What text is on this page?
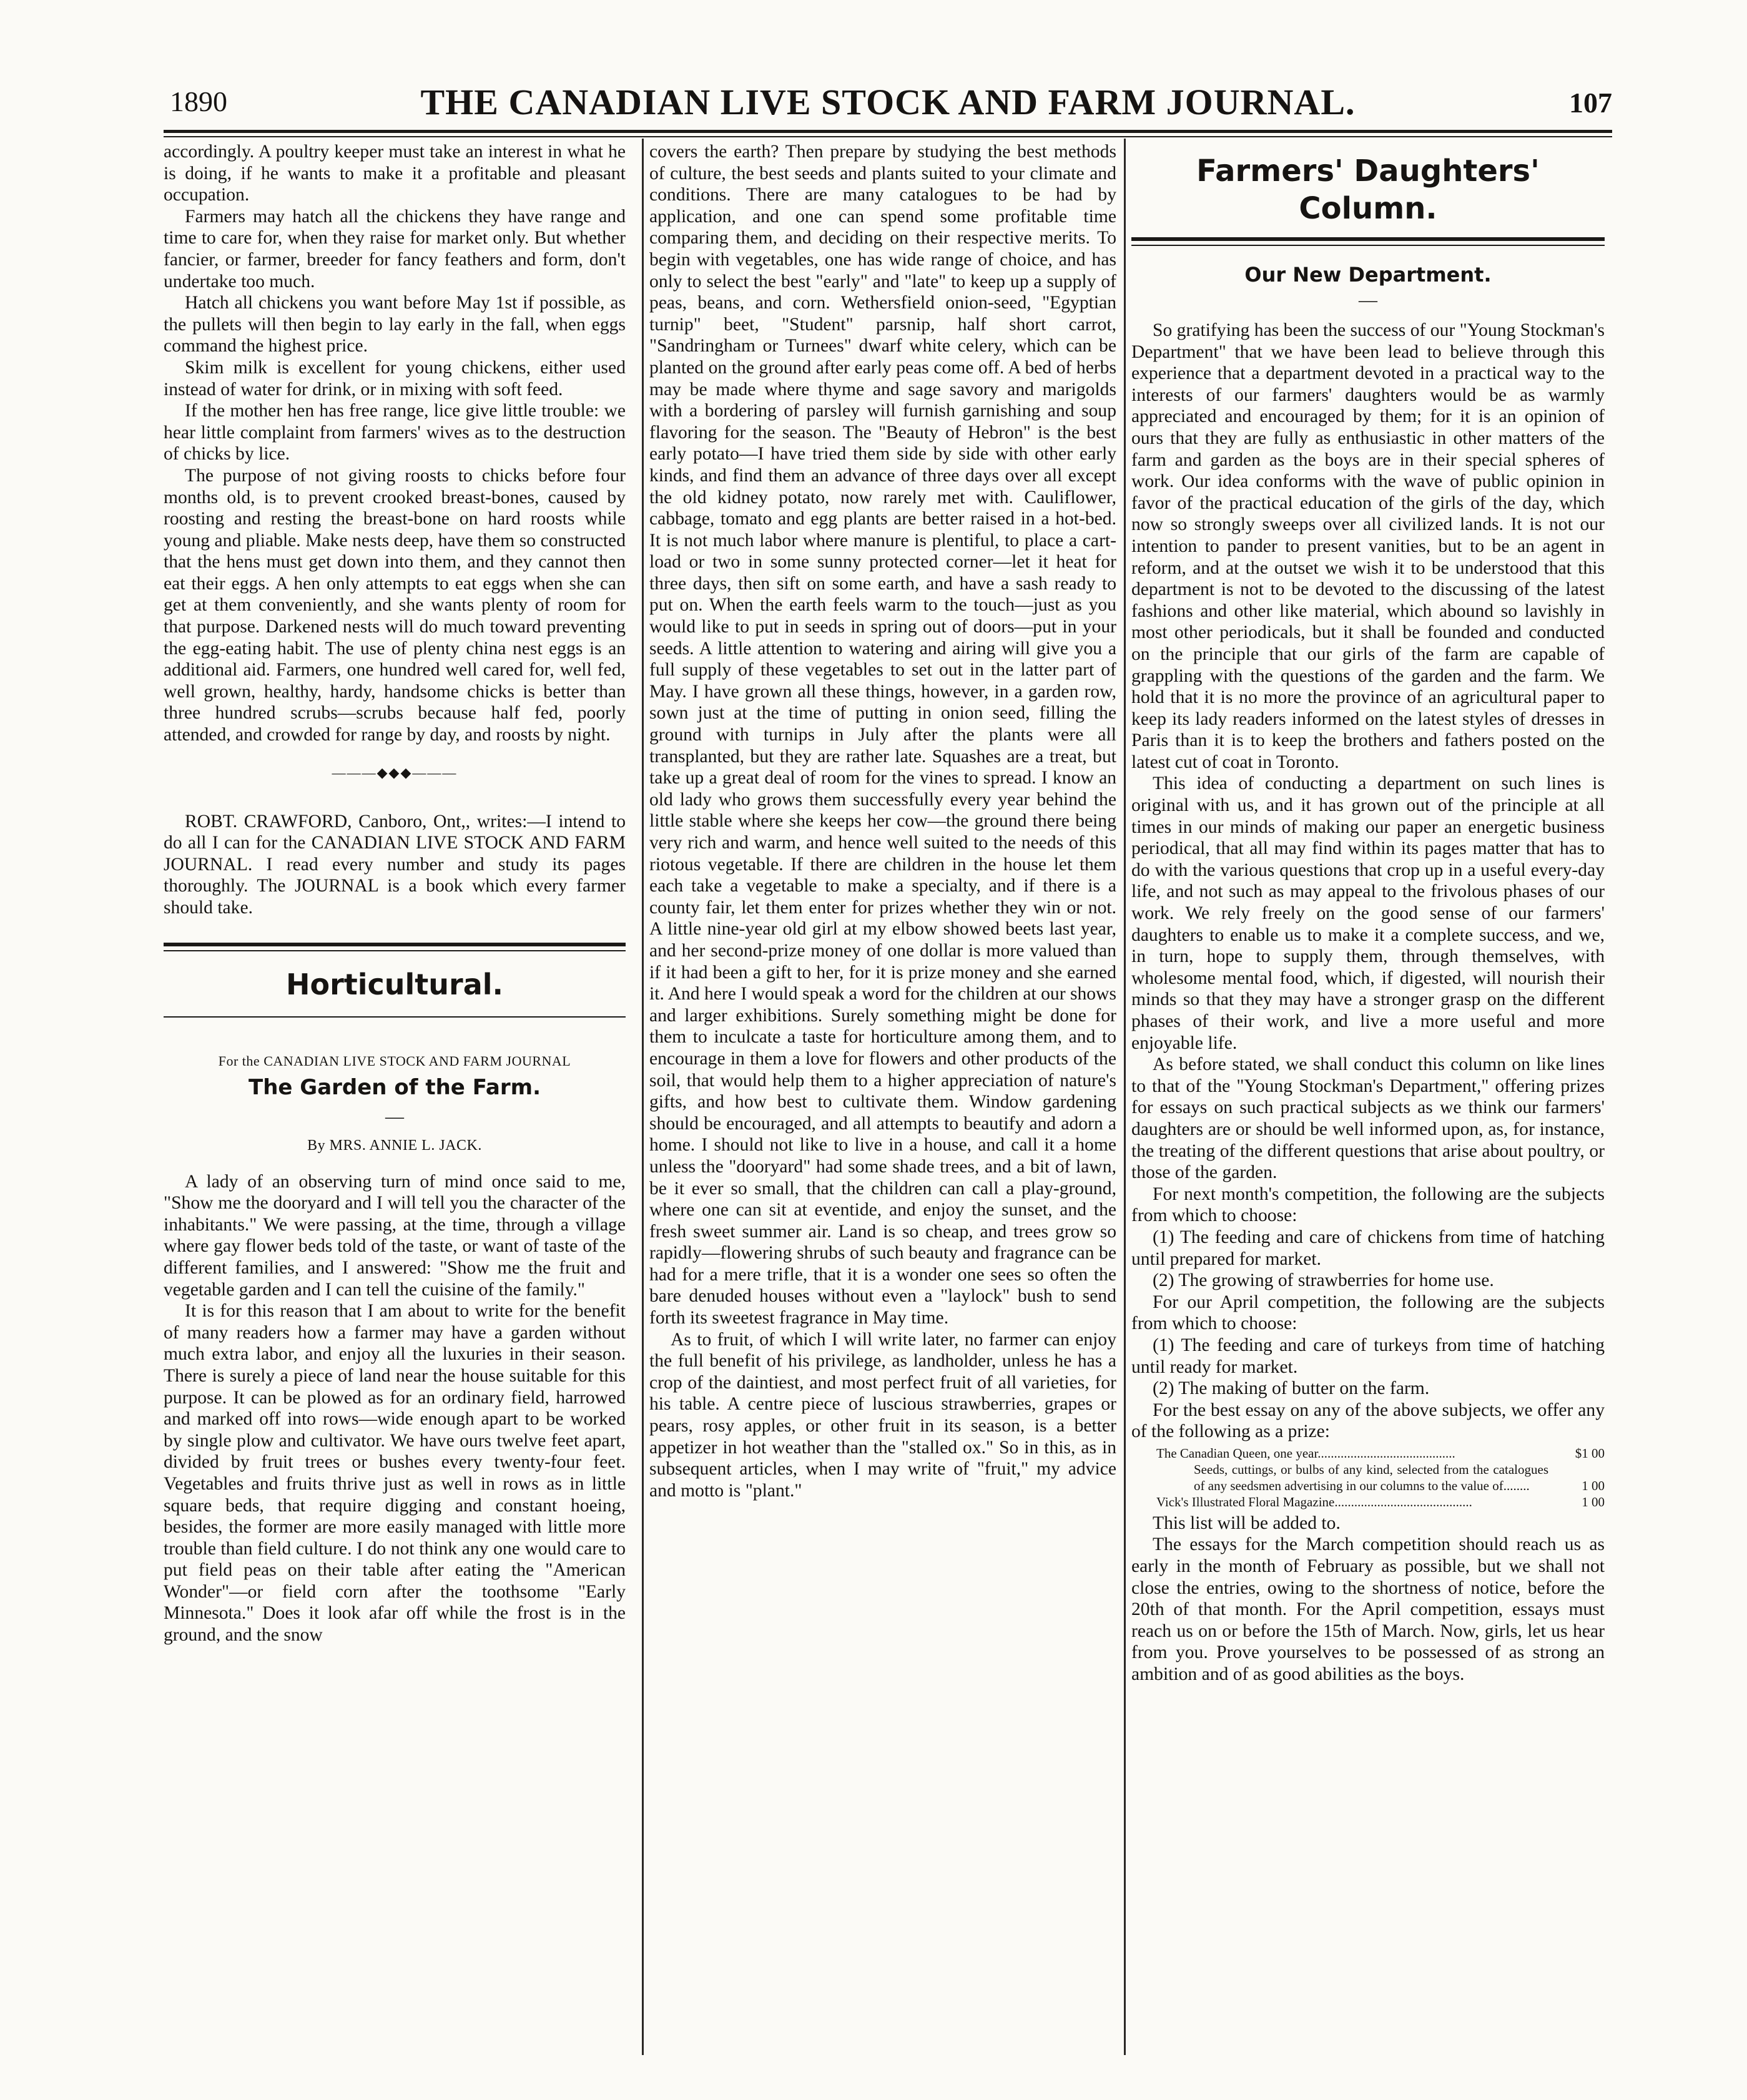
1890	THE CANADIAN LIVE STOCK AND FARM JOURNAL.	107

accordingly. A poultry keeper must take an interest in what he is doing, if he wants to make it a profitable and pleasant occupation.

Farmers may hatch all the chickens they have range and time to care for, when they raise for market only. But whether fancier, or farmer, breeder for fancy feathers and form, don't undertake too much.

Hatch all chickens you want before May 1st if possible, as the pullets will then begin to lay early in the fall, when eggs command the highest price.

Skim milk is excellent for young chickens, either used instead of water for drink, or in mixing with soft feed.

If the mother hen has free range, lice give little trouble: we hear little complaint from farmers' wives as to the destruction of chicks by lice.

The purpose of not giving roosts to chicks before four months old, is to prevent crooked breast-bones, caused by roosting and resting the breast-bone on hard roosts while young and pliable. Make nests deep, have them so constructed that the hens must get down into them, and they cannot then eat their eggs. A hen only attempts to eat eggs when she can get at them conveniently, and she wants plenty of room for that purpose. Darkened nests will do much toward preventing the egg-eating habit. The use of plenty china nest eggs is an additional aid. Farmers, one hundred well cared for, well fed, well grown, healthy, hardy, handsome chicks is better than three hundred scrubs—scrubs because half fed, poorly attended, and crowded for range by day, and roosts by night.

———◆◆◆———

ROBT. CRAWFORD, Canboro, Ont,, writes:—I intend to do all I can for the CANADIAN LIVE STOCK AND FARM JOURNAL. I read every number and study its pages thoroughly. The JOURNAL is a book which every farmer should take.

Horticultural.
For the CANADIAN LIVE STOCK AND FARM JOURNAL
The Garden of the Farm.
—
By MRS. ANNIE L. JACK.

A lady of an observing turn of mind once said to me, "Show me the dooryard and I will tell you the character of the inhabitants." We were passing, at the time, through a village where gay flower beds told of the taste, or want of taste of the different families, and I answered: "Show me the fruit and vegetable garden and I can tell the cuisine of the family."

It is for this reason that I am about to write for the benefit of many readers how a farmer may have a garden without much extra labor, and enjoy all the luxuries in their season. There is surely a piece of land near the house suitable for this purpose. It can be plowed as for an ordinary field, harrowed and marked off into rows—wide enough apart to be worked by single plow and cultivator. We have ours twelve feet apart, divided by fruit trees or bushes every twenty-four feet. Vegetables and fruits thrive just as well in rows as in little square beds, that require digging and constant hoeing, besides, the former are more easily managed with little more trouble than field culture. I do not think any one would care to put field peas on their table after eating the "American Wonder"—or field corn after the toothsome "Early Minnesota." Does it look afar off while the frost is in the ground, and the snow

covers the earth? Then prepare by studying the best methods of culture, the best seeds and plants suited to your climate and conditions. There are many catalogues to be had by application, and one can spend some profitable time comparing them, and deciding on their respective merits. To begin with vegetables, one has wide range of choice, and has only to select the best "early" and "late" to keep up a supply of peas, beans, and corn. Wethersfield onion-seed, "Egyptian turnip" beet, "Student" parsnip, half short carrot, "Sandringham or Turnees" dwarf white celery, which can be planted on the ground after early peas come off. A bed of herbs may be made where thyme and sage savory and marigolds with a bordering of parsley will furnish garnishing and soup flavoring for the season. The "Beauty of Hebron" is the best early potato—I have tried them side by side with other early kinds, and find them an advance of three days over all except the old kidney potato, now rarely met with. Cauliflower, cabbage, tomato and egg plants are better raised in a hot-bed. It is not much labor where manure is plentiful, to place a cart-load or two in some sunny protected corner—let it heat for three days, then sift on some earth, and have a sash ready to put on. When the earth feels warm to the touch—just as you would like to put in seeds in spring out of doors—put in your seeds. A little attention to watering and airing will give you a full supply of these vegetables to set out in the latter part of May. I have grown all these things, however, in a garden row, sown just at the time of putting in onion seed, filling the ground with turnips in July after the plants were all transplanted, but they are rather late. Squashes are a treat, but take up a great deal of room for the vines to spread. I know an old lady who grows them successfully every year behind the little stable where she keeps her cow—the ground there being very rich and warm, and hence well suited to the needs of this riotous vegetable. If there are children in the house let them each take a vegetable to make a specialty, and if there is a county fair, let them enter for prizes whether they win or not. A little nine-year old girl at my elbow showed beets last year, and her second-prize money of one dollar is more valued than if it had been a gift to her, for it is prize money and she earned it. And here I would speak a word for the children at our shows and larger exhibitions. Surely something might be done for them to inculcate a taste for horticulture among them, and to encourage in them a love for flowers and other products of the soil, that would help them to a higher appreciation of nature's gifts, and how best to cultivate them. Window gardening should be encouraged, and all attempts to beautify and adorn a home. I should not like to live in a house, and call it a home unless the "dooryard" had some shade trees, and a bit of lawn, be it ever so small, that the children can call a play-ground, where one can sit at eventide, and enjoy the sunset, and the fresh sweet summer air. Land is so cheap, and trees grow so rapidly—flowering shrubs of such beauty and fragrance can be had for a mere trifle, that it is a wonder one sees so often the bare denuded houses without even a "laylock" bush to send forth its sweetest fragrance in May time.

As to fruit, of which I will write later, no farmer can enjoy the full benefit of his privilege, as landholder, unless he has a crop of the daintiest, and most perfect fruit of all varieties, for his table. A centre piece of luscious strawberries, grapes or pears, rosy apples, or other fruit in its season, is a better appetizer in hot weather than the "stalled ox." So in this, as in subsequent articles, when I may write of "fruit," my advice and motto is "plant."

Farmers' Daughters' Column.
Our New Department.
—

So gratifying has been the success of our "Young Stockman's Department" that we have been lead to believe through this experience that a department devoted in a practical way to the interests of our farmers' daughters would be as warmly appreciated and encouraged by them; for it is an opinion of ours that they are fully as enthusiastic in other matters of the farm and garden as the boys are in their special spheres of work. Our idea conforms with the wave of public opinion in favor of the practical education of the girls of the day, which now so strongly sweeps over all civilized lands. It is not our intention to pander to present vanities, but to be an agent in reform, and at the outset we wish it to be understood that this department is not to be devoted to the discussing of the latest fashions and other like material, which abound so lavishly in most other periodicals, but it shall be founded and conducted on the principle that our girls of the farm are capable of grappling with the questions of the garden and the farm. We hold that it is no more the province of an agricultural paper to keep its lady readers informed on the latest styles of dresses in Paris than it is to keep the brothers and fathers posted on the latest cut of coat in Toronto.

This idea of conducting a department on such lines is original with us, and it has grown out of the principle at all times in our minds of making our paper an energetic business periodical, that all may find within its pages matter that has to do with the various questions that crop up in a useful every-day life, and not such as may appeal to the frivolous phases of our work. We rely freely on the good sense of our farmers' daughters to enable us to make it a complete success, and we, in turn, hope to supply them, through themselves, with wholesome mental food, which, if digested, will nourish their minds so that they may have a stronger grasp on the different phases of their work, and live a more useful and more enjoyable life.

As before stated, we shall conduct this column on like lines to that of the "Young Stockman's Department," offering prizes for essays on such practical subjects as we think our farmers' daughters are or should be well informed upon, as, for instance, the treating of the different questions that arise about poultry, or those of the garden.

For next month's competition, the following are the subjects from which to choose:

(1) The feeding and care of chickens from time of hatching until prepared for market.

(2) The growing of strawberries for home use.

For our April competition, the following are the subjects from which to choose:

(1) The feeding and care of turkeys from time of hatching until ready for market.

(2) The making of butter on the farm.

For the best essay on any of the above subjects, we offer any of the following as a prize:

The Canadian Queen, one year..........................................	$1 00
Seeds, cuttings, or bulbs of any kind, selected from the catalogues of any seedsmen advertising in our columns to the value of........	1 00
Vick's Illustrated Floral Magazine..........................................	1 00

This list will be added to.

The essays for the March competition should reach us as early in the month of February as possible, but we shall not close the entries, owing to the shortness of notice, before the 20th of that month. For the April competition, essays must reach us on or before the 15th of March. Now, girls, let us hear from you. Prove yourselves to be possessed of as strong an ambition and of as good abilities as the boys.
